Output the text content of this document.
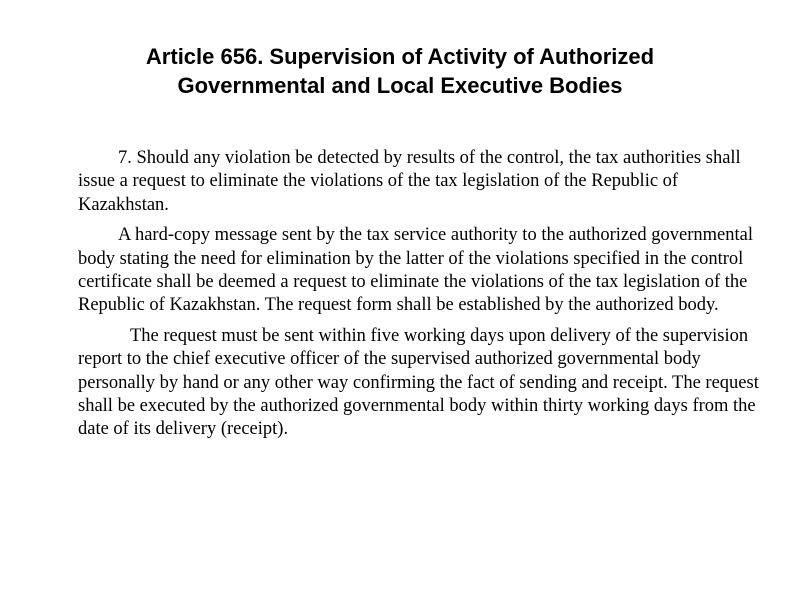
Article 656. Supervision of Activity of Authorized
Governmental and Local Executive Bodies

7. Should any violation be detected by results of the control, the tax authorities shall issue a request to eliminate the violations of the tax legislation of the Republic of Kazakhstan.

A hard-copy message sent by the tax service authority to the authorized governmental body stating the need for elimination by the latter of the violations specified in the control certificate shall be deemed a request to eliminate the violations of the tax legislation of the Republic of Kazakhstan. The request form shall be established by the authorized body.

The request must be sent within five working days upon delivery of the supervision report to the chief executive officer of the supervised authorized governmental body personally by hand or any other way confirming the fact of sending and receipt. The request shall be executed by the authorized governmental body within thirty working days from the date of its delivery (receipt).
